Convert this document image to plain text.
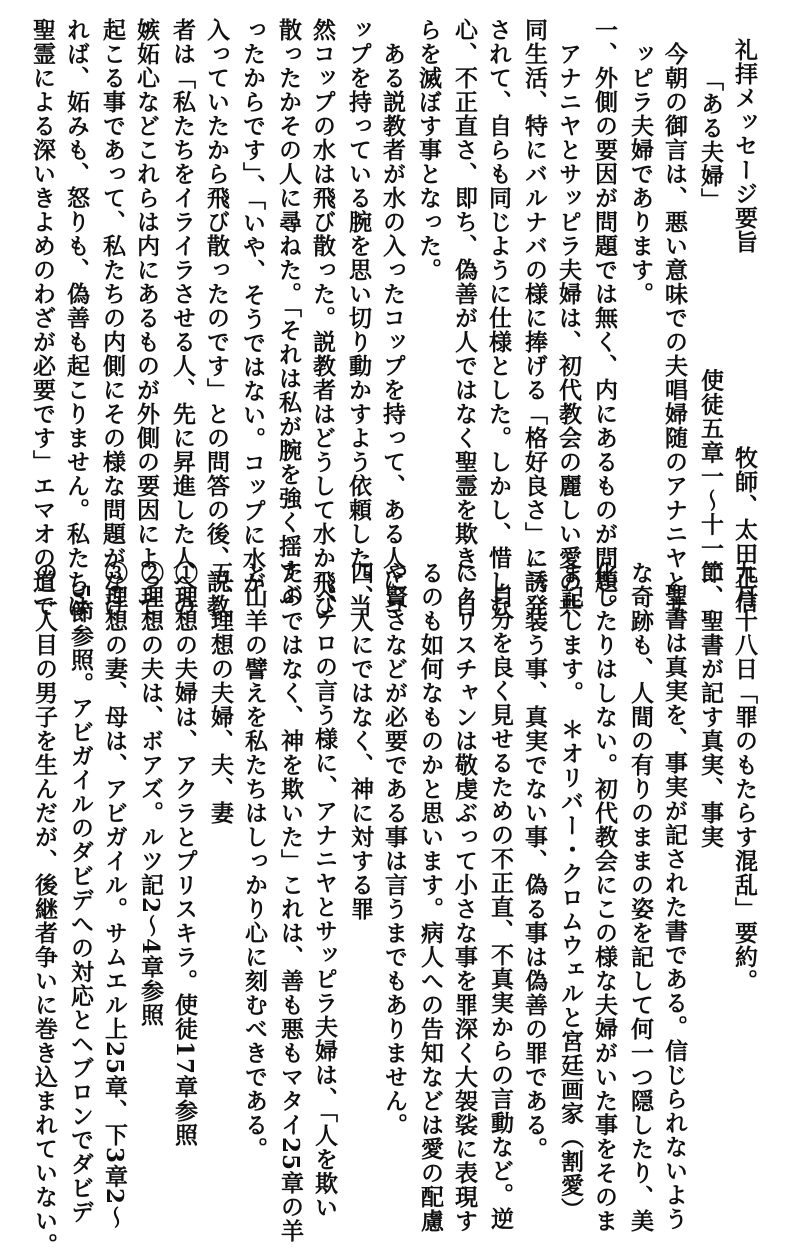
礼拝メッセージ要旨　　　　　　　　牧師、太田正信
「ある夫婦」　　　　　　　使徒五章一〜十一節
今朝の御言は、悪い意味での夫唱婦随のアナニヤとサ
ッピラ夫婦であります。
一、外側の要因が問題では無く、内にあるものが問題。
アナニヤとサッピラ夫婦は、初代教会の麗しい愛の共
同生活、特にバルナバの様に捧げる「格好良さ」に誘発
されて、自らも同じように仕様とした。しかし、惜しむ
心、不正直さ、即ち、偽善が人ではなく聖霊を欺き、自
らを滅ぼす事となった。
ある説教者が水の入ったコップを持って、ある人にコ
ップを持っている腕を思い切り動かすよう依頼した。当
然コップの水は飛び散った。説教者はどうして水か飛び
散ったかその人に尋ねた。「それは私が腕を強く揺すぶ
ったからです」、「いや、そうではない。コップに水が
入っていたから飛び散ったのです」との問答の後、説教
者は「私たちをイライラさせる人、先に昇進した人への
嫉妬心などこれらは内にあるものが外側の要因によって
起こる事であって、私たちの内側にその様な問題がなけ
れば、妬みも、怒りも、偽善も起こりません。私たちは
聖霊による深いきよめのわざが必要です」エマオの道で
九月十八日「罪のもたらす混乱」要約。
二、聖書が記す真実、事実
聖書は真実を、事実が記された書である。信じられないよう
な奇跡も、人間の有りのままの姿を記して何一つ隠したり、美
化したりはしない。初代教会にこの様な夫婦がいた事をそのま
ま記します。　＊オリバー・クロムウェルと宮廷画家（割愛）
三、装う事、真実でない事、偽る事は偽善の罪である。
自分を良く見せるための不正直、不真実からの言動など。逆
にクリスチャンは敬虔ぶって小さな事を罪深く大袈裟に表現す
るのも如何なものかと思います。病人への告知などは愛の配慮
や賢さなどが必要である事は言うまでもありません。
四、人にではなく、神に対する罪
ペテロの言う様に、アナニヤとサッピラ夫婦は、「人を欺い
たのではなく、神を欺いた」これは、善も悪もマタイ25章の羊
と山羊の譬えを私たちはしっかり心に刻むべきである。
五、理想の夫婦、夫、妻
①理想の夫婦は、アクラとプリスキラ。使徒17章参照
②理想の夫は、ボアズ。ルツ記2〜4章参照
③理想の妻、母は、アビガイル。サムエル上25章、下3章2〜
5節参照。アビガイルのダビデへの対応とヘブロンでダビデ
の二人目の男子を生んだが、後継者争いに巻き込まれていない。
